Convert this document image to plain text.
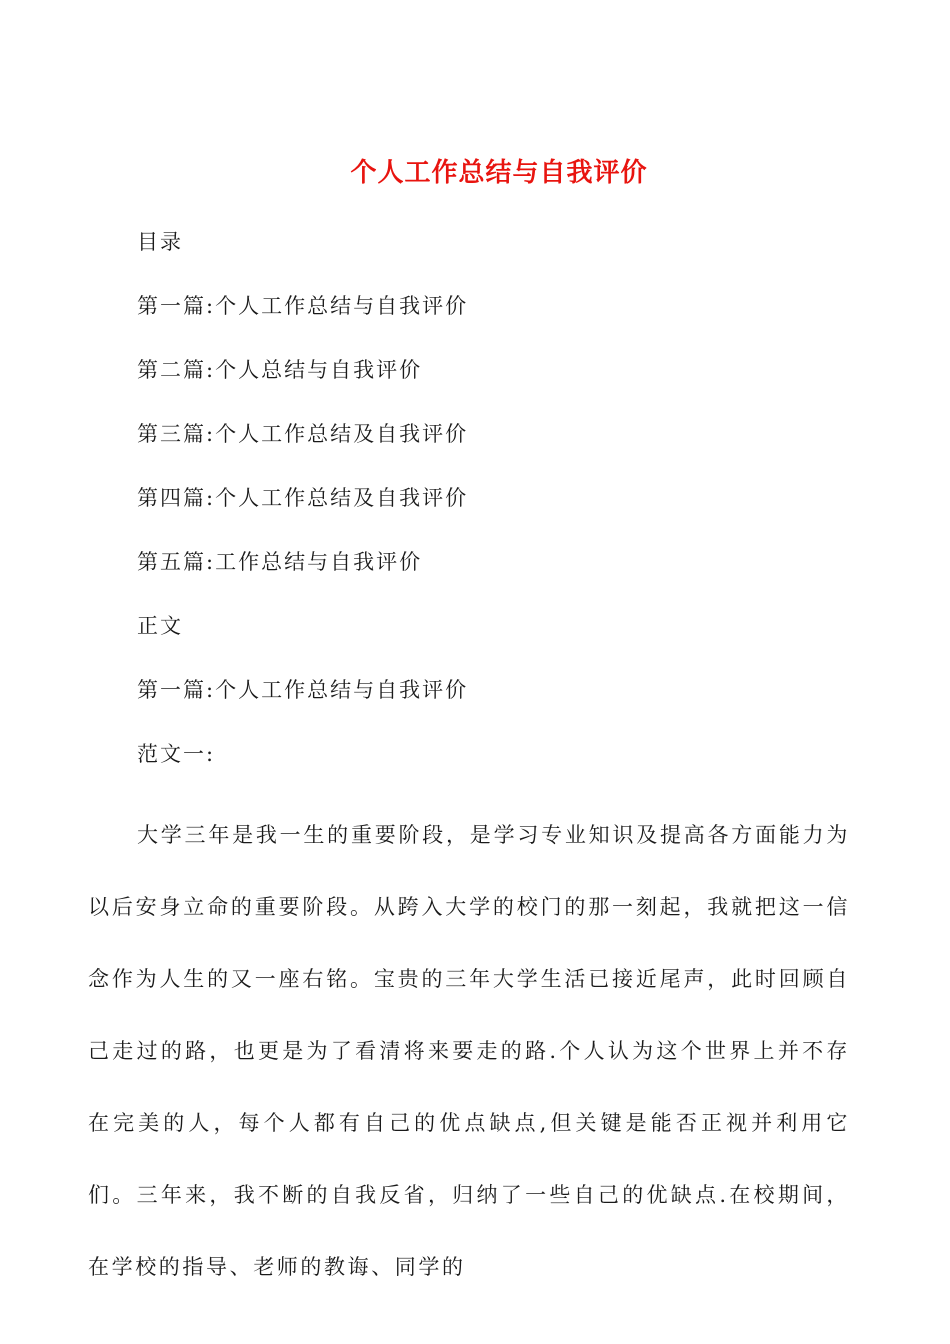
个人工作总结与自我评价

目录

第一篇:个人工作总结与自我评价

第二篇:个人总结与自我评价

第三篇:个人工作总结及自我评价

第四篇:个人工作总结及自我评价

第五篇:工作总结与自我评价

正文

第一篇:个人工作总结与自我评价

范文一:

大学三年是我一生的重要阶段，是学习专业知识及提高各方面能力为以后安身立命的重要阶段。从跨入大学的校门的那一刻起，我就把这一信念作为人生的又一座右铭。宝贵的三年大学生活已接近尾声，此时回顾自己走过的路，也更是为了看清将来要走的路.个人认为这个世界上并不存在完美的人，每个人都有自己的优点缺点,但关键是能否正视并利用它们。三年来，我不断的自我反省，归纳了一些自己的优缺点.在校期间，在学校的指导、老师的教诲、同学的
